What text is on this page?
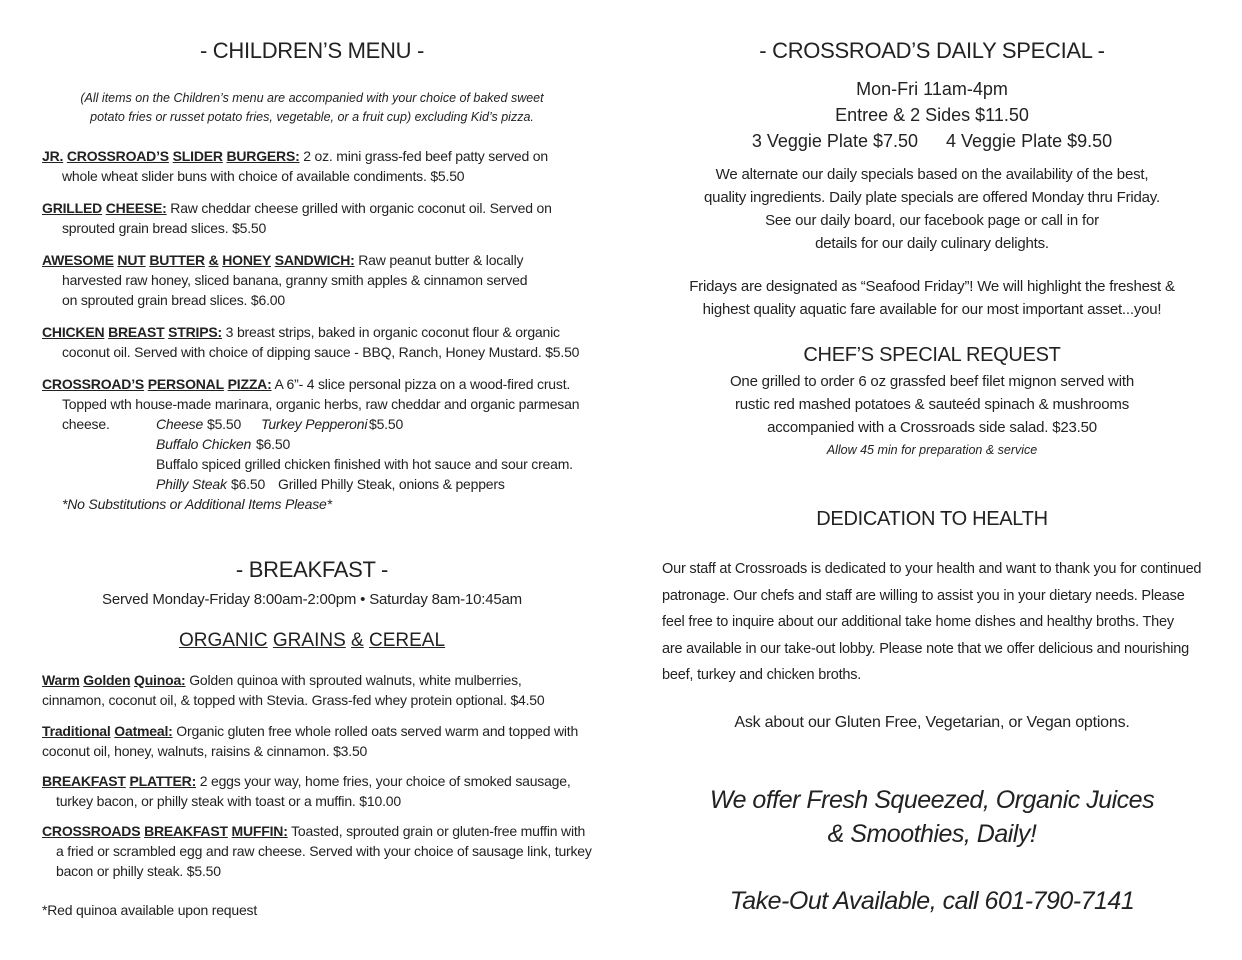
- CHILDREN’S MENU -
(All items on the Children’s menu are accompanied with your choice of baked sweet
potato fries or russet potato fries, vegetable, or a fruit cup) excluding Kid’s pizza.
JR. CROSSROAD’S SLIDER BURGERS: 2 oz. mini grass-fed beef patty served on
whole wheat slider buns with choice of available condiments. $5.50
GRILLED CHEESE: Raw cheddar cheese grilled with organic coconut oil. Served on
sprouted grain bread slices. $5.50
AWESOME NUT BUTTER & HONEY SANDWICH: Raw peanut butter & locally
harvested raw honey, sliced banana, granny smith apples & cinnamon served
on sprouted grain bread slices. $6.00
CHICKEN BREAST STRIPS: 3 breast strips, baked in organic coconut flour & organic
coconut oil. Served with choice of dipping sauce - BBQ, Ranch, Honey Mustard. $5.50
CROSSROAD’S PERSONAL PIZZA: A 6”- 4 slice personal pizza on a wood-fired crust.
Topped wth house-made marinara, organic herbs, raw cheddar and organic parmesan
cheese.	Cheese $5.50 Turkey Pepperoni $5.50
Buffalo Chicken $6.50
Buffalo spiced grilled chicken finished with hot sauce and sour cream.
Philly Steak $6.50 Grilled Philly Steak, onions & peppers
*No Substitutions or Additional Items Please*
- BREAKFAST -
Served Monday-Friday 8:00am-2:00pm • Saturday 8am-10:45am
ORGANIC GRAINS & CEREAL
Warm Golden Quinoa: Golden quinoa with sprouted walnuts, white mulberries,
cinnamon, coconut oil, & topped with Stevia. Grass-fed whey protein optional. $4.50
Traditional Oatmeal: Organic gluten free whole rolled oats served warm and topped with
coconut oil, honey, walnuts, raisins & cinnamon. $3.50
BREAKFAST PLATTER: 2 eggs your way, home fries, your choice of smoked sausage,
turkey bacon, or philly steak with toast or a muffin. $10.00
CROSSROADS BREAKFAST MUFFIN: Toasted, sprouted grain or gluten-free muffin with
a fried or scrambled egg and raw cheese. Served with your choice of sausage link, turkey
bacon or philly steak. $5.50
*Red quinoa available upon request
- CROSSROAD’S DAILY SPECIAL -
Mon-Fri 11am-4pm
Entree & 2 Sides $11.50
3 Veggie Plate $7.50 4 Veggie Plate $9.50
We alternate our daily specials based on the availability of the best,
quality ingredients. Daily plate specials are offered Monday thru Friday.
See our daily board, our facebook page or call in for
details for our daily culinary delights.
Fridays are designated as “Seafood Friday”! We will highlight the freshest &
highest quality aquatic fare available for our most important asset...you!
CHEF’S SPECIAL REQUEST
One grilled to order 6 oz grassfed beef filet mignon served with
rustic red mashed potatoes & sauteéd spinach & mushrooms
accompanied with a Crossroads side salad. $23.50
Allow 45 min for preparation & service
DEDICATION TO HEALTH
Our staff at Crossroads is dedicated to your health and want to thank you for continued
patronage. Our chefs and staff are willing to assist you in your dietary needs. Please
feel free to inquire about our additional take home dishes and healthy broths. They
are available in our take-out lobby. Please note that we offer delicious and nourishing
beef, turkey and chicken broths.
Ask about our Gluten Free, Vegetarian, or Vegan options.
We offer Fresh Squeezed, Organic Juices
& Smoothies, Daily!
Take-Out Available, call 601-790-7141
